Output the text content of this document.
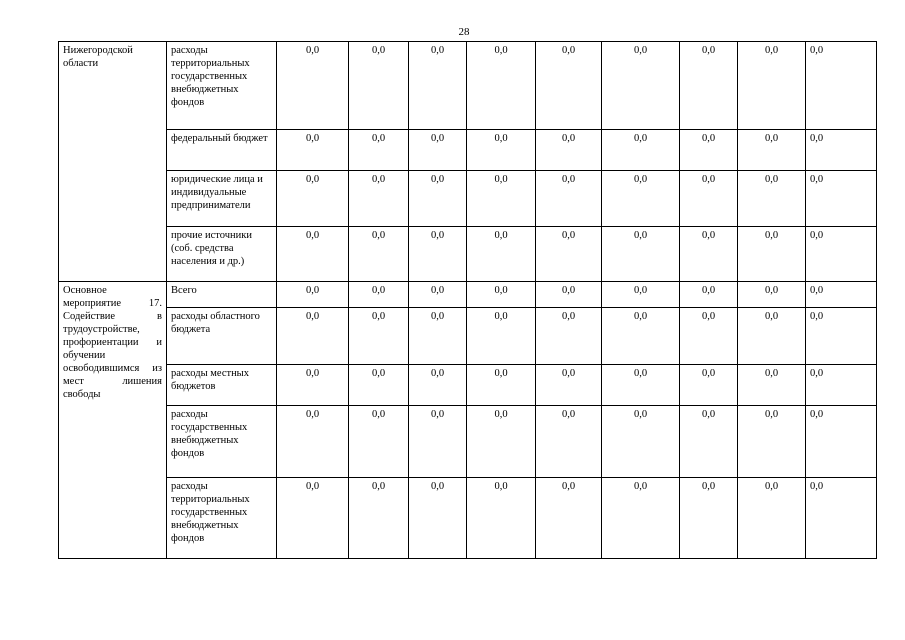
28
Нижегородской области	расходы территориальных государственных внебюджетных фондов	0,0	0,0	0,0	0,0	0,0	0,0	0,0	0,0	0,0
	федеральный бюджет	0,0	0,0	0,0	0,0	0,0	0,0	0,0	0,0	0,0
	юридические лица и индивидуальные предприниматели	0,0	0,0	0,0	0,0	0,0	0,0	0,0	0,0	0,0
	прочие источники (соб. средства населения и др.)	0,0	0,0	0,0	0,0	0,0	0,0	0,0	0,0	0,0
Основное мероприятие 17. Содействие в трудоустройстве, профориентации и обучении освободившимся из мест лишения свободы	Всего	0,0	0,0	0,0	0,0	0,0	0,0	0,0	0,0	0,0
	расходы областного бюджета	0,0	0,0	0,0	0,0	0,0	0,0	0,0	0,0	0,0
	расходы местных бюджетов	0,0	0,0	0,0	0,0	0,0	0,0	0,0	0,0	0,0
	расходы государственных внебюджетных фондов	0,0	0,0	0,0	0,0	0,0	0,0	0,0	0,0	0,0
	расходы территориальных государственных внебюджетных фондов	0,0	0,0	0,0	0,0	0,0	0,0	0,0	0,0	0,0
